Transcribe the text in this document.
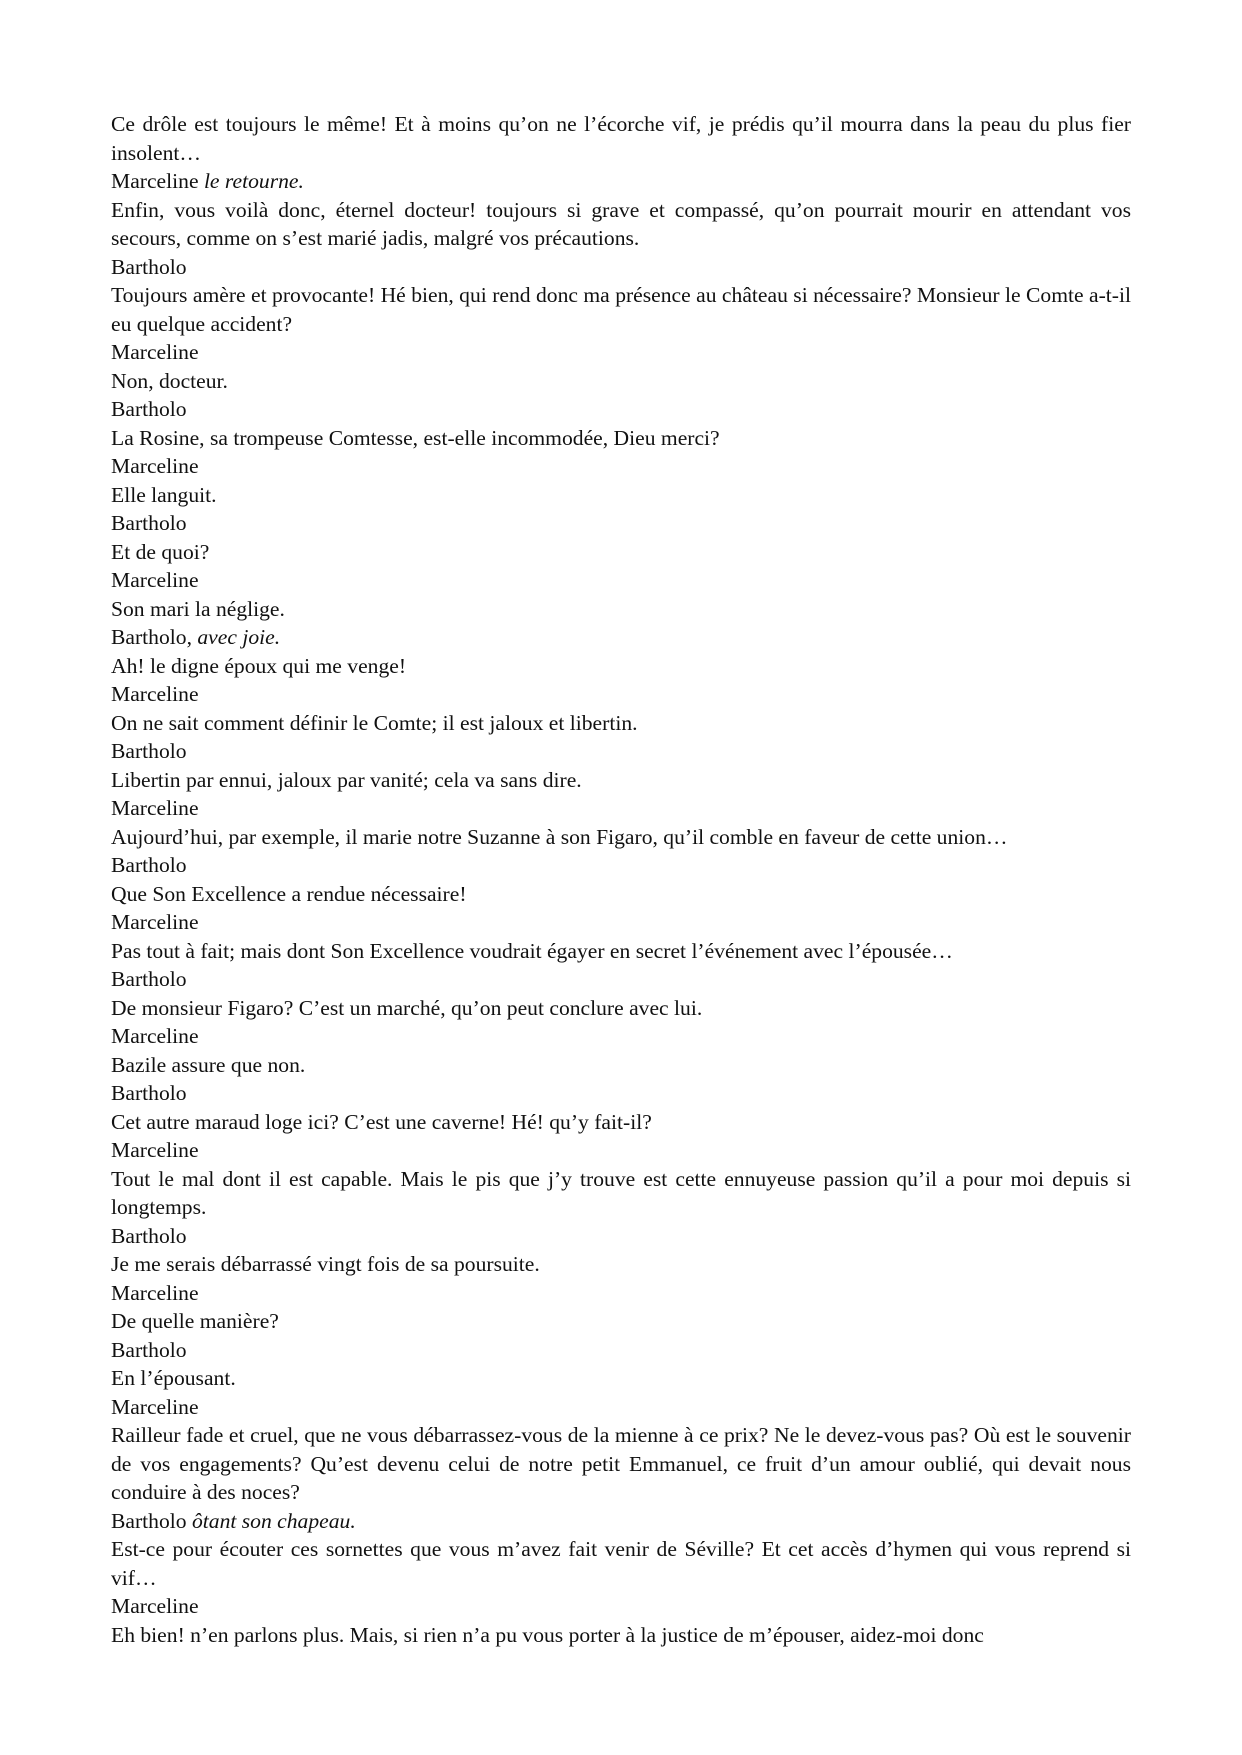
Ce drôle est toujours le même! Et à moins qu’on ne l’écorche vif, je prédis qu’il mourra dans la peau du plus fier insolent…
Marceline le retourne.
Enfin, vous voilà donc, éternel docteur! toujours si grave et compassé, qu’on pourrait mourir en attendant vos secours, comme on s’est marié jadis, malgré vos précautions.
Bartholo
Toujours amère et provocante! Hé bien, qui rend donc ma présence au château si nécessaire? Monsieur le Comte a-t-il eu quelque accident?
Marceline
Non, docteur.
Bartholo
La Rosine, sa trompeuse Comtesse, est-elle incommodée, Dieu merci?
Marceline
Elle languit.
Bartholo
Et de quoi?
Marceline
Son mari la néglige.
Bartholo, avec joie.
Ah! le digne époux qui me venge!
Marceline
On ne sait comment définir le Comte; il est jaloux et libertin.
Bartholo
Libertin par ennui, jaloux par vanité; cela va sans dire.
Marceline
Aujourd’hui, par exemple, il marie notre Suzanne à son Figaro, qu’il comble en faveur de cette union…
Bartholo
Que Son Excellence a rendue nécessaire!
Marceline
Pas tout à fait; mais dont Son Excellence voudrait égayer en secret l’événement avec l’épousée…
Bartholo
De monsieur Figaro? C’est un marché, qu’on peut conclure avec lui.
Marceline
Bazile assure que non.
Bartholo
Cet autre maraud loge ici? C’est une caverne! Hé! qu’y fait-il?
Marceline
Tout le mal dont il est capable. Mais le pis que j’y trouve est cette ennuyeuse passion qu’il a pour moi depuis si longtemps.
Bartholo
Je me serais débarrassé vingt fois de sa poursuite.
Marceline
De quelle manière?
Bartholo
En l’épousant.
Marceline
Railleur fade et cruel, que ne vous débarrassez-vous de la mienne à ce prix? Ne le devez-vous pas? Où est le souvenir de vos engagements? Qu’est devenu celui de notre petit Emmanuel, ce fruit d’un amour oublié, qui devait nous conduire à des noces?
Bartholo ôtant son chapeau.
Est-ce pour écouter ces sornettes que vous m’avez fait venir de Séville? Et cet accès d’hymen qui vous reprend si vif…
Marceline
Eh bien! n’en parlons plus. Mais, si rien n’a pu vous porter à la justice de m’épouser, aidez-moi donc
